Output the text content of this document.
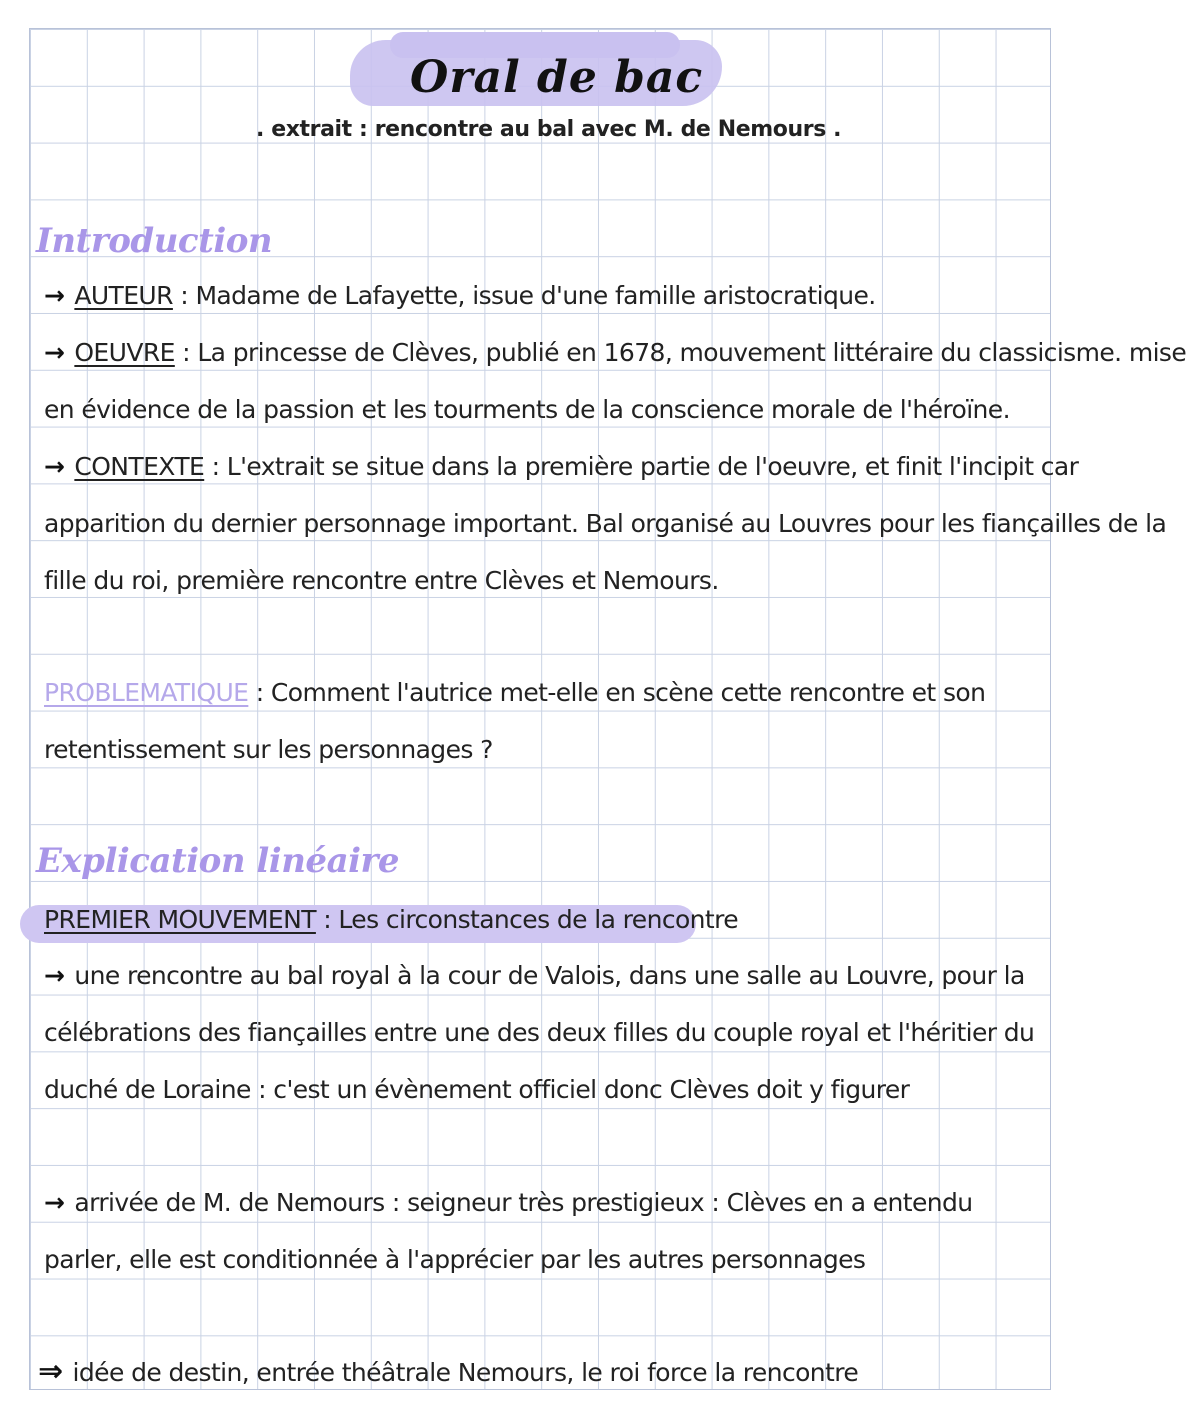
Oral de bac
. extrait : rencontre au bal avec M. de Nemours .
Introduction
→ AUTEUR : Madame de Lafayette, issue d'une famille aristocratique.
→ OEUVRE : La princesse de Clèves, publié en 1678, mouvement littéraire du classicisme. mise
en évidence de la passion et les tourments de la conscience morale de l'héroïne.
→ CONTEXTE : L'extrait se situe dans la première partie de l'oeuvre, et finit l'incipit car
apparition du dernier personnage important. Bal organisé au Louvres pour les fiançailles de la
fille du roi, première rencontre entre Clèves et Nemours.
PROBLEMATIQUE : Comment l'autrice met-elle en scène cette rencontre et son
retentissement sur les personnages ?
Explication linéaire
PREMIER MOUVEMENT : Les circonstances de la rencontre
→ une rencontre au bal royal à la cour de Valois, dans une salle au Louvre, pour la
célébrations des fiançailles entre une des deux filles du couple royal et l'héritier du
duché de Loraine : c'est un évènement officiel donc Clèves doit y figurer
→ arrivée de M. de Nemours : seigneur très prestigieux : Clèves en a entendu
parler, elle est conditionnée à l'apprécier par les autres personnages
⇒ idée de destin, entrée théâtrale Nemours, le roi force la rencontre
